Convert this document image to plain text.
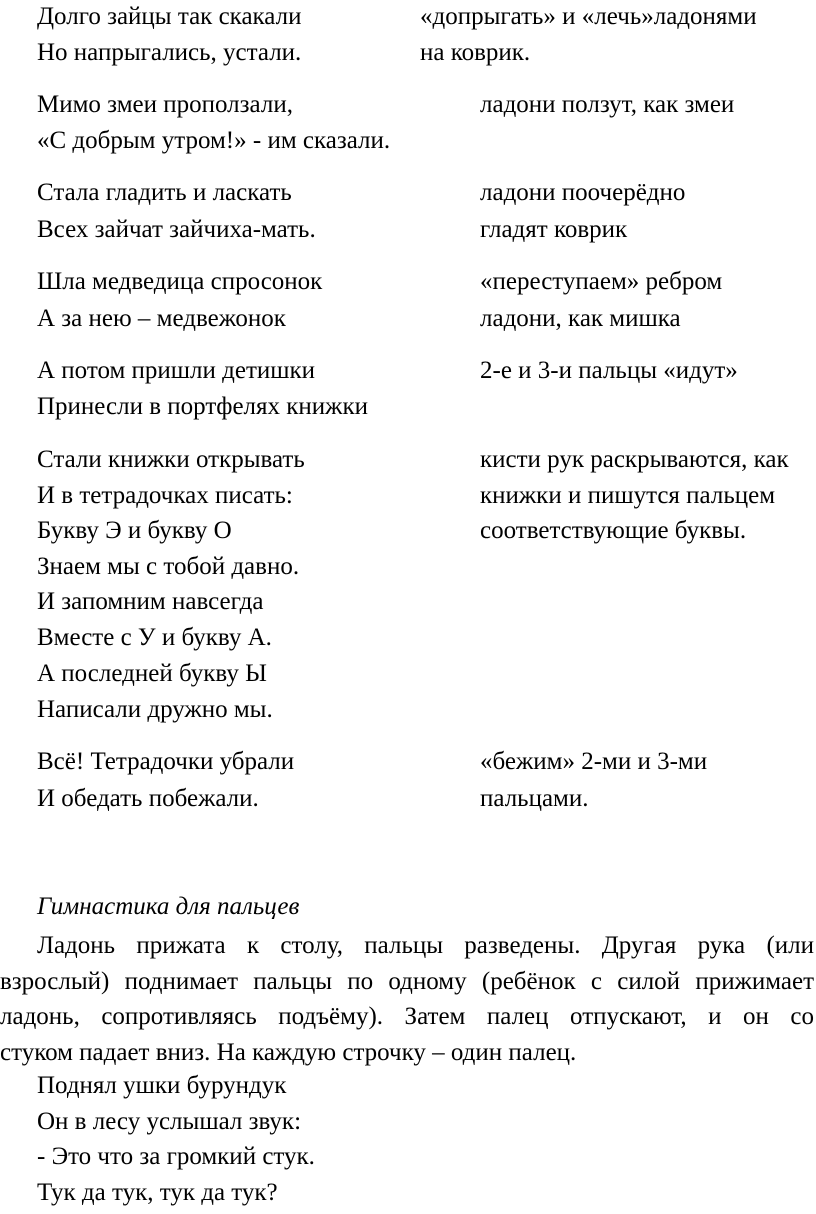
Долго зайцы так скакали
Но напрыгались, устали.
«допрыгать» и «лечь»ладонями
на коврик.
Мимо змеи проползали,
«С добрым утром!» - им сказали.
ладони ползут, как змеи
Стала гладить и ласкать
Всех зайчат зайчиха-мать.
ладони поочерёдно
гладят коврик
Шла медведица спросонок
А за нею – медвежонок
«переступаем» ребром
ладони, как мишка
А потом пришли детишки
Принесли в портфелях книжки
2-е и 3-и пальцы «идут»
Стали книжки открывать
И в тетрадочках писать:
Букву Э и букву О
Знаем мы с тобой давно.
И запомним навсегда
Вместе с У и букву А.
А последней букву Ы
Написали дружно мы.
кисти рук раскрываются, как
книжки и пишутся пальцем
соответствующие буквы.
Всё! Тетрадочки убрали
И обедать побежали.
«бежим» 2-ми и 3-ми
пальцами.
Гимнастика для пальцев
Ладонь прижата к столу, пальцы разведены. Другая рука (или
взрослый) поднимает пальцы по одному (ребёнок с силой прижимает
ладонь, сопротивляясь подъёму). Затем палец отпускают, и он со
стуком падает вниз. На каждую строчку – один палец.
Поднял ушки бурундук
Он в лесу услышал звук:
- Это что за громкий стук.
Тук да тук, тук да тук?
